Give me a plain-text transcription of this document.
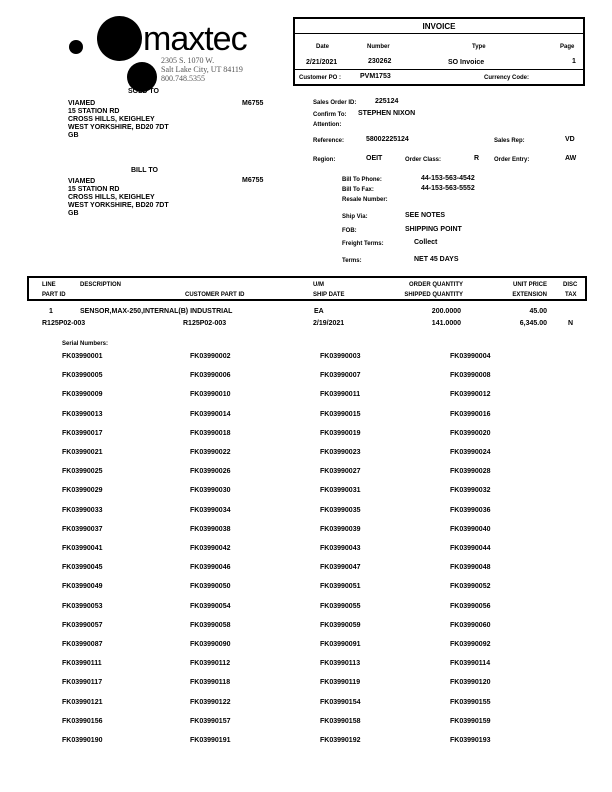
maxtec
2305 S. 1070 W.
Salt Lake City, UT 84119
800.748.5355
INVOICE
Date	Number	Type	Page
2/21/2021	230262	SO Invoice	1
Customer PO :	PVM1753	Currency Code:
SOLD TO
M6755
VIAMED
15 STATION RD
CROSS HILLS, KEIGHLEY
WEST YORKSHIRE, BD20 7DT
GB
BILL TO
M6755
VIAMED
15 STATION RD
CROSS HILLS, KEIGHLEY
WEST YORKSHIRE, BD20 7DT
GB
Sales Order ID:	225124
Confirm To: STEPHEN NIXON
Attention:
Reference:	58002225124	Sales Rep:	VD
Region:	OEIT	Order Class:	R Order Entry:	AW
Bill To Phone:	44-153-563-4542
Bill To Fax:	44-153-563-5552
Resale Number:
Ship Via:	SEE NOTES
FOB:	SHIPPING POINT
Freight Terms:	Collect
Terms:	NET 45 DAYS
LINE	DESCRIPTION	U/M	ORDER QUANTITY	UNIT PRICE	DISC
PART ID	CUSTOMER PART ID	SHIP DATE	SHIPPED QUANTITY	EXTENSION	TAX
1	SENSOR,MAX-250,INTERNAL(B) INDUSTRIAL	EA	200.0000	45.00
R125P02-003	R125P02-003	2/19/2021	141.0000	6,345.00	N
Serial Numbers:
FK03990001	FK03990002	FK03990003	FK03990004
FK03990005	FK03990006	FK03990007	FK03990008
FK03990009	FK03990010	FK03990011	FK03990012
FK03990013	FK03990014	FK03990015	FK03990016
FK03990017	FK03990018	FK03990019	FK03990020
FK03990021	FK03990022	FK03990023	FK03990024
FK03990025	FK03990026	FK03990027	FK03990028
FK03990029	FK03990030	FK03990031	FK03990032
FK03990033	FK03990034	FK03990035	FK03990036
FK03990037	FK03990038	FK03990039	FK03990040
FK03990041	FK03990042	FK03990043	FK03990044
FK03990045	FK03990046	FK03990047	FK03990048
FK03990049	FK03990050	FK03990051	FK03990052
FK03990053	FK03990054	FK03990055	FK03990056
FK03990057	FK03990058	FK03990059	FK03990060
FK03990087	FK03990090	FK03990091	FK03990092
FK03990111	FK03990112	FK03990113	FK03990114
FK03990117	FK03990118	FK03990119	FK03990120
FK03990121	FK03990122	FK03990154	FK03990155
FK03990156	FK03990157	FK03990158	FK03990159
FK03990190	FK03990191	FK03990192	FK03990193
